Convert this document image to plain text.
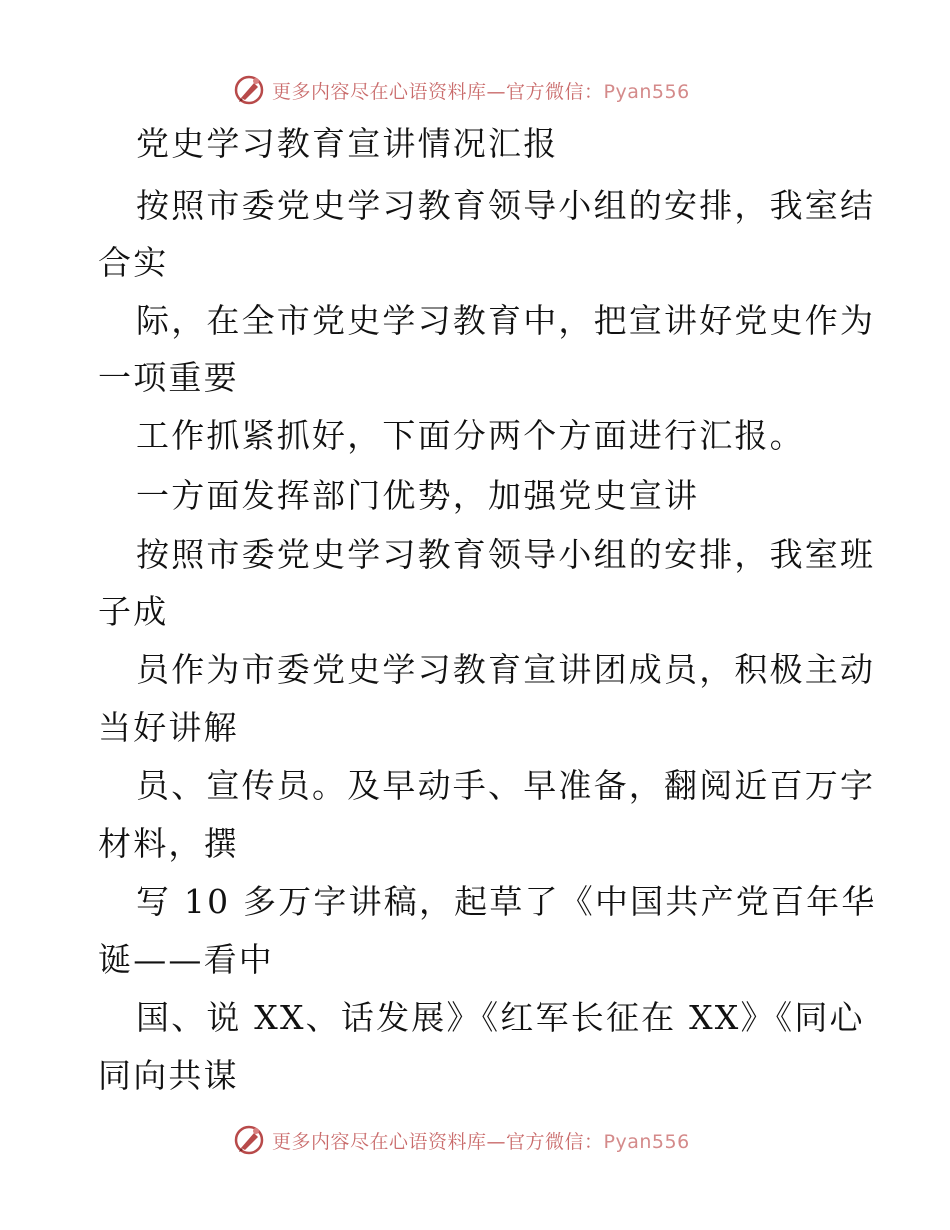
更多内容尽在心语资料库—官方微信：Pyan556
党史学习教育宣讲情况汇报
按照市委党史学习教育领导小组的安排，我室结
合实
际，在全市党史学习教育中，把宣讲好党史作为
一项重要
工作抓紧抓好，下面分两个方面进行汇报。
一方面发挥部门优势，加强党史宣讲
按照市委党史学习教育领导小组的安排，我室班
子成
员作为市委党史学习教育宣讲团成员，积极主动
当好讲解
员、宣传员。及早动手、早准备，翻阅近百万字
材料，撰
写 10 多万字讲稿，起草了《中国共产党百年华
诞——看中
国、说 XX、话发展》《红军长征在 XX》《同心
同向共谋
更多内容尽在心语资料库—官方微信：Pyan556
